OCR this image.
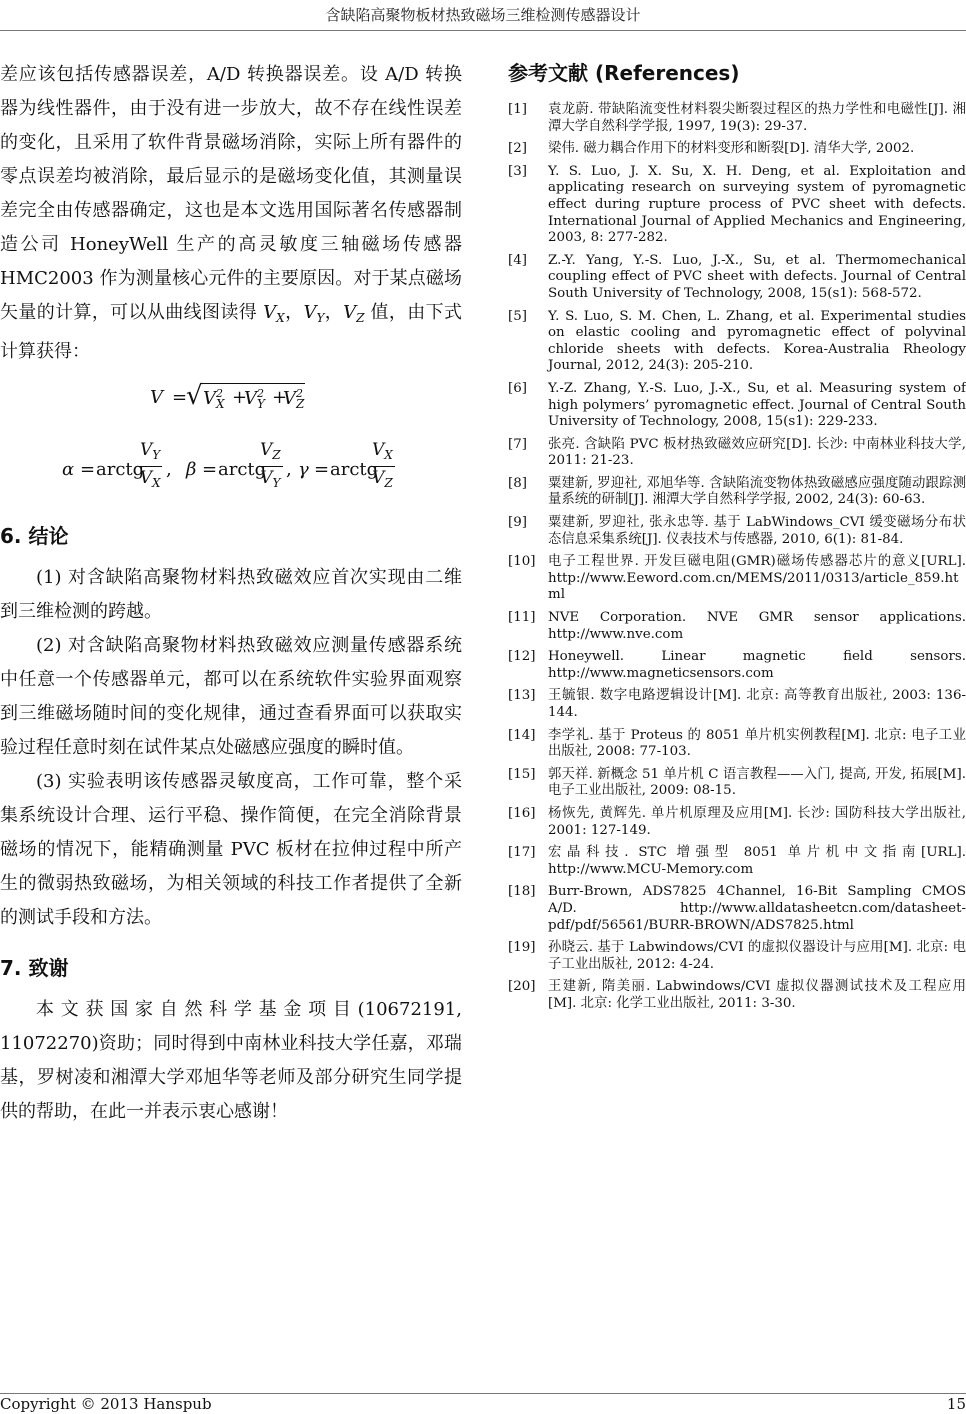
含缺陷高聚物板材热致磁场三维检测传感器设计

差应该包括传感器误差，A/D 转换器误差。设 A/D 转换器为线性器件，由于没有进一步放大，故不存在线性误差的变化，且采用了软件背景磁场消除，实际上所有器件的零点误差均被消除，最后显示的是磁场变化值，其测量误差完全由传感器确定，这也是本文选用国际著名传感器制造公司 HoneyWell 生产的高灵敏度三轴磁场传感器 HMC2003 作为测量核心元件的主要原因。对于某点磁场矢量的计算，可以从曲线图读得 $V_X$，$V_Y$，$V_Z$ 值，由下式计算获得：

V =
√ $V^2_X$ +
$V^2_Y$ +
$V^2_Z$
α = arctg
$\frac{V_Y}{V_X}$ , β = arctg
$\frac{V_Z}{V_Y}$ , γ = arctg
$\frac{V_X}{V_Z}$
6. 结论

(1) 对含缺陷高聚物材料热致磁效应首次实现由二维到三维检测的跨越。

(2) 对含缺陷高聚物材料热致磁效应测量传感器系统中任意一个传感器单元，都可以在系统软件实验界面观察到三维磁场随时间的变化规律，通过查看界面可以获取实验过程任意时刻在试件某点处磁感应强度的瞬时值。

(3) 实验表明该传感器灵敏度高，工作可靠，整个采集系统设计合理、运行平稳、操作简便，在完全消除背景磁场的情况下，能精确测量 PVC 板材在拉伸过程中所产生的微弱热致磁场，为相关领域的科技工作者提供了全新的测试手段和方法。

7. 致谢

本文获国家自然科学基金项目(10672191, 11072270)资助；同时得到中南林业科技大学任嘉，邓瑞基，罗树凌和湘潭大学邓旭华等老师及部分研究生同学提供的帮助，在此一并表示衷心感谢！

参考文献 (References)
[1]	袁龙蔚. 带缺陷流变性材料裂尖断裂过程区的热力学性和电磁性[J]. 湘潭大学自然科学学报, 1997, 19(3): 29-37.
[2]	梁伟. 磁力耦合作用下的材料变形和断裂[D]. 清华大学, 2002.
[3]	Y. S. Luo, J. X. Su, X. H. Deng, et al. Exploitation and applicating research on surveying system of pyromagnetic effect during rupture process of PVC sheet with defects. International Journal of Applied Mechanics and Engineering, 2003, 8: 277-282.
[4]	Z.-Y. Yang, Y.-S. Luo, J.-X., Su, et al. Thermomechanical coupling effect of PVC sheet with defects. Journal of Central South University of Technology, 2008, 15(s1): 568-572.
[5]	Y. S. Luo, S. M. Chen, L. Zhang, et al. Experimental studies on elastic cooling and pyromagnetic effect of polyvinal chloride sheets with defects. Korea-Australia Rheology Journal, 2012, 24(3): 205-210.
[6]	Y.-Z. Zhang, Y.-S. Luo, J.-X., Su, et al. Measuring system of high polymers’ pyromagnetic effect. Journal of Central South University of Technology, 2008, 15(s1): 229-233.
[7]	张亮. 含缺陷 PVC 板材热致磁效应研究[D]. 长沙: 中南林业科技大学, 2011: 21-23.
[8]	粟建新, 罗迎社, 邓旭华等. 含缺陷流变物体热致磁感应强度随动跟踪测量系统的研制[J]. 湘潭大学自然科学学报, 2002, 24(3): 60-63.
[9]	粟建新, 罗迎社, 张永忠等. 基于 LabWindows_CVI 缓变磁场分布状态信息采集系统[J]. 仪表技术与传感器, 2010, 6(1): 81-84.
[10] 电子工程世界. 开发巨磁电阻(GMR)磁场传感器芯片的意义[URL]. http://www.Eeword.com.cn/MEMS/2011/0313/article_859.html
[11] NVE Corporation. NVE GMR sensor applications. http://www.nve.com
[12] Honeywell. Linear magnetic field sensors. http://www.magneticsensors.com
[13] 王毓银. 数字电路逻辑设计[M]. 北京: 高等教育出版社, 2003: 136-144.
[14] 李学礼. 基于 Proteus 的 8051 单片机实例教程[M]. 北京: 电子工业出版社, 2008: 77-103.
[15] 郭天祥. 新概念 51 单片机 C 语言教程——入门, 提高, 开发, 拓展[M]. 电子工业出版社, 2009: 08-15.
[16] 杨恢先, 黄辉先. 单片机原理及应用[M]. 长沙: 国防科技大学出版社, 2001: 127-149.
[17] 宏晶科技. STC 增强型 8051 单片机中文指南[URL]. http://www.MCU-Memory.com
[18] Burr-Brown, ADS7825 4Channel, 16-Bit Sampling CMOS A/D. http://www.alldatasheetcn.com/datasheet-pdf/pdf/56561/BURR-BROWN/ADS7825.html
[19] 孙晓云. 基于 Labwindows/CVI 的虚拟仪器设计与应用[M]. 北京: 电子工业出版社, 2012: 4-24.
[20] 王建新, 隋美丽. Labwindows/CVI 虚拟仪器测试技术及工程应用[M]. 北京: 化学工业出版社, 2011: 3-30.
Copyright © 2013 Hanspub	15
